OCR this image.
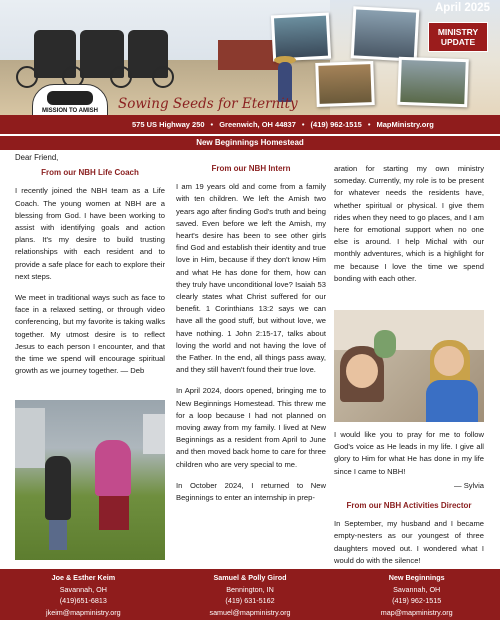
April 2025
MINISTRY
UPDATE
MISSION TO AMISH	Sowing Seeds for Eternity
575 US Highway 250 • Greenwich, OH 44837 • (419) 962-1515 • MapMinistry.org
New Beginnings Homestead
Dear Friend,
From our NBH Life Coach

I recently joined the NBH team as a Life Coach. The young women at NBH are a blessing from God. I have been working to assist with identifying goals and action plans. It's my desire to build trusting relationships with each resident and to provide a safe place for each to explore their next steps.

We meet in traditional ways such as face to face in a relaxed setting, or through video conferencing, but my favorite is taking walks together. My utmost desire is to reflect Jesus to each person I encounter, and that the time we spend will encourage spiritual growth as we journey together. — Deb

From our NBH Intern

I am 19 years old and come from a family with ten children. We left the Amish two years ago after finding God's truth and being saved. Even before we left the Amish, my heart's desire has been to see other girls find God and establish their identity and true love in Him, because if they don't know Him and what He has done for them, how can they truly have unconditional love? Isaiah 53 clearly states what Christ suffered for our benefit. 1 Corinthians 13:2 says we can have all the good stuff, but without love, we have nothing. 1 John 2:15-17, talks about loving the world and not having the love of the Father. In the end, all things pass away, and they still haven't found their true love.

In April 2024, doors opened, bringing me to New Beginnings Homestead. This threw me for a loop because I had not planned on moving away from my family. I lived at New Beginnings as a resident from April to June and then moved back home to care for three children who are very special to me.

In October 2024, I returned to New Beginnings to enter an internship in prep-

aration for starting my own ministry someday. Currently, my role is to be present for whatever needs the residents have, whether spiritual or physical. I give them rides when they need to go places, and I am here for emotional support when no one else is around. I help Michal with our monthly adventures, which is a highlight for me because I love the time we spend bonding with each other.

I would like you to pray for me to follow God's voice as He leads in my life. I give all glory to Him for what He has done in my life since I came to NBH!

— Sylvia
From our NBH Activities Director

In September, my husband and I became empty-nesters as our youngest of three daughters moved out. I wondered what I would do with the silence!

Joe & Esther Keim
Savannah, OH
(419)651-6813
jkeim@mapministry.org
Samuel & Polly Girod
Bennington, IN
(419) 631-5162
samuel@mapministry.org
New Beginnings
Savannah, OH
(419) 962-1515
map@mapministry.org
